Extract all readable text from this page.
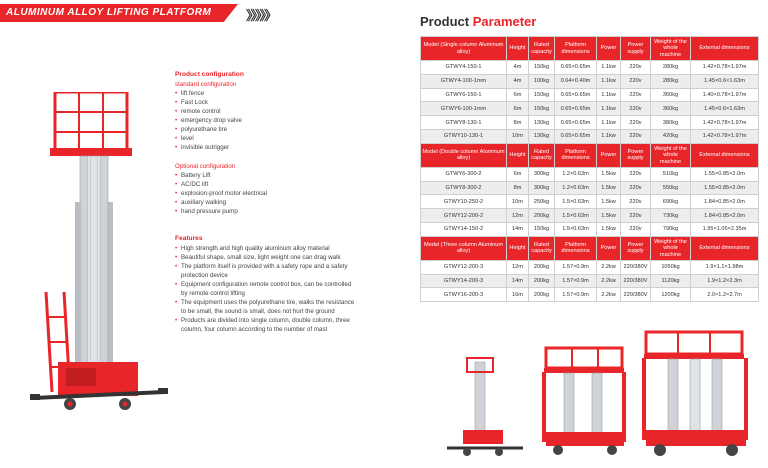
ALUMINUM ALLOY LIFTING PLATFORM	》》》》》
Product configuration
standard configuration
• lift fence
• Fast Lock
• remote control
• emergency drop valve
• polyurethane tire
• level
• invisible outrigger
Optional configuration
• Battery Lift
• AC/DC lift
• explosion-proof motor electrical
• auxiliary walking
• hand pressure pump
Features
• High strength and high quality aluminum alloy material
• Beautiful shape, small size, light weight one can drag walk
• The platform itself is provided with a safety rope and a safety protection device
• Equipment configuration remote control box, can be controlled by remote control lifting
• The equipment uses the polyurethane tire, walks the resistance to be small, the sound is small, does not hurt the ground
• Products are divided into single column, double column, three column, four column according to the number of mast
Product Parameter
Model (Single column Aluminum alloy)	Height	Rated capacity	Platform dimensions	Power	Power supply	Weight of the whole machine	External dimensions
GTWY4-150-1	4m	150kg	0.65×0.65m	1.1kw	220v	280kg	1.42×0.78×1.97m
GTWY4-100-1mm	4m	100kg	0.64×0.40m	1.1kw	220v	280kg	1.45×0.6×1.63m
GTWY6-150-1	6m	150kg	0.65×0.65m	1.1kw	220v	360kg	1.40×0.78×1.97m
GTWY6-100-1mm	6m	150kg	0.65×0.65m	1.1kw	220v	360kg	1.45×0.6×1.63m
GTWY8-130-1	8m	130kg	0.65×0.65m	1.1kw	220v	380kg	1.42×0.78×1.97m
GTWY10-130-1	10m	130kg	0.65×0.65m	1.1kw	220v	420kg	1.42×0.78×1.97m
Model (Double column Aluminum alloy)	Height	Rated capacity	Platform dimensions	Power	Power supply	Weight of the whole machine	External dimensions
GTWY6-300-2	6m	300kg	1.2×0.63m	1.5kw	220v	510kg	1.55×0.85×2.0m
GTWY8-300-2	8m	300kg	1.2×0.63m	1.5kw	220v	550kg	1.55×0.85×2.0m
GTWY10-250-2	10m	250kg	1.5×0.63m	1.5kw	220v	690kg	1.84×0.85×2.0m
GTWY12-200-2	12m	200kg	1.5×0.63m	1.5kw	220v	730kg	1.84×0.85×2.0m
GTWY14-150-2	14m	150kg	1.5×0.63m	1.5kw	220v	790kg	1.95×1.05×2.35m
Model (Three column Aluminum alloy)	Height	Rated capacity	Platform dimensions	Power	Power supply	Weight of the whole machine	External dimensions
GTWY12-200-3	12m	200kg	1.57×0.9m	2.2kw	220/380V	1050kg	1.9×1.1×1.98m
GTWY14-200-3	14m	200kg	1.57×0.9m	2.2kw	220/380V	1120kg	1.9×1.2×2.3m
GTWY16-200-3	16m	200kg	1.57×0.9m	2.2kw	220/380V	1200kg	2.0×1.2×2.7m
